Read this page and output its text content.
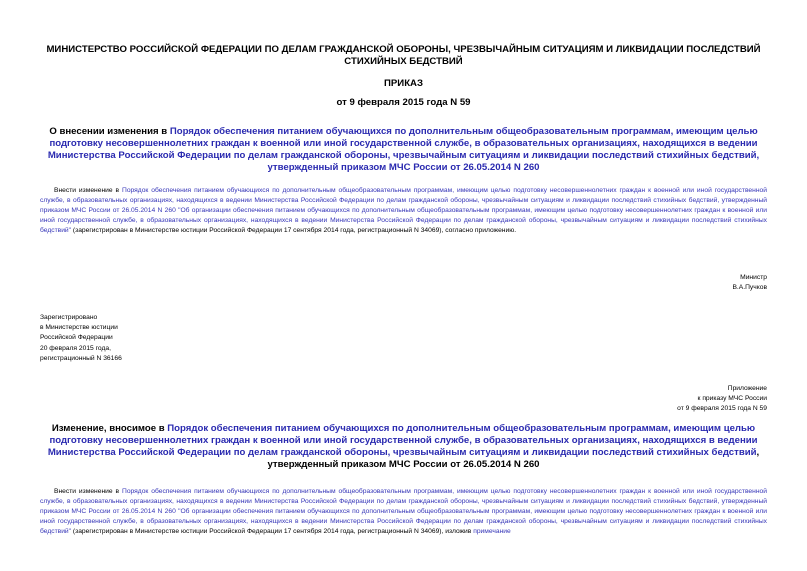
МИНИСТЕРСТВО РОССИЙСКОЙ ФЕДЕРАЦИИ ПО ДЕЛАМ ГРАЖДАНСКОЙ ОБОРОНЫ, ЧРЕЗВЫЧАЙНЫМ СИТУАЦИЯМ И ЛИКВИДАЦИИ ПОСЛЕДСТВИЙ СТИХИЙНЫХ БЕДСТВИЙ

ПРИКАЗ

от 9 февраля 2015 года N 59

О внесении изменения в Порядок обеспечения питанием обучающихся по дополнительным общеобразовательным программам, имеющим целью подготовку несовершеннолетних граждан к военной или иной государственной службе, в образовательных организациях, находящихся в ведении Министерства Российской Федерации по делам гражданской обороны, чрезвычайным ситуациям и ликвидации последствий стихийных бедствий, утвержденный приказом МЧС России от 26.05.2014 N 260

Внести изменение в Порядок обеспечения питанием обучающихся по дополнительным общеобразовательным программам, имеющим целью подготовку несовершеннолетних граждан к военной или иной государственной службе, в образовательных организациях, находящихся в ведении Министерства Российской Федерации по делам гражданской обороны, чрезвычайным ситуациям и ликвидации последствий стихийных бедствий, утвержденный приказом МЧС России от 26.05.2014 N 260 "Об организации обеспечения питанием обучающихся по дополнительным общеобразовательным программам, имеющим целью подготовку несовершеннолетних граждан к военной или иной государственной службе, в образовательных организациях, находящихся в ведении Министерства Российской Федерации по делам гражданской обороны, чрезвычайным ситуациям и ликвидации последствий стихийных бедствий" (зарегистрирован в Министерстве юстиции Российской Федерации 17 сентября 2014 года, регистрационный N 34069), согласно приложению.

Министр
В.А.Пучков
Зарегистрировано
в Министерстве юстиции
Российской Федерации
20 февраля 2015 года,
регистрационный N 36166
Приложение
к приказу МЧС России
от 9 февраля 2015 года N 59

Изменение, вносимое в Порядок обеспечения питанием обучающихся по дополнительным общеобразовательным программам, имеющим целью подготовку несовершеннолетних граждан к военной или иной государственной службе, в образовательных организациях, находящихся в ведении Министерства Российской Федерации по делам гражданской обороны, чрезвычайным ситуациям и ликвидации последствий стихийных бедствий, утвержденный приказом МЧС России от 26.05.2014 N 260

Внести изменение в Порядок обеспечения питанием обучающихся по дополнительным общеобразовательным программам, имеющим целью подготовку несовершеннолетних граждан к военной или иной государственной службе, в образовательных организациях, находящихся в ведении Министерства Российской Федерации по делам гражданской обороны, чрезвычайным ситуациям и ликвидации последствий стихийных бедствий, утвержденный приказом МЧС России от 26.05.2014 N 260 "Об организации обеспечения питанием обучающихся по дополнительным общеобразовательным программам, имеющим целью подготовку несовершеннолетних граждан к военной или иной государственной службе, в образовательных организациях, находящихся в ведении Министерства Российской Федерации по делам гражданской обороны, чрезвычайным ситуациям и ликвидации последствий стихийных бедствий" (зарегистрирован в Министерстве юстиции Российской Федерации 17 сентября 2014 года, регистрационный N 34069), изложив примечание
